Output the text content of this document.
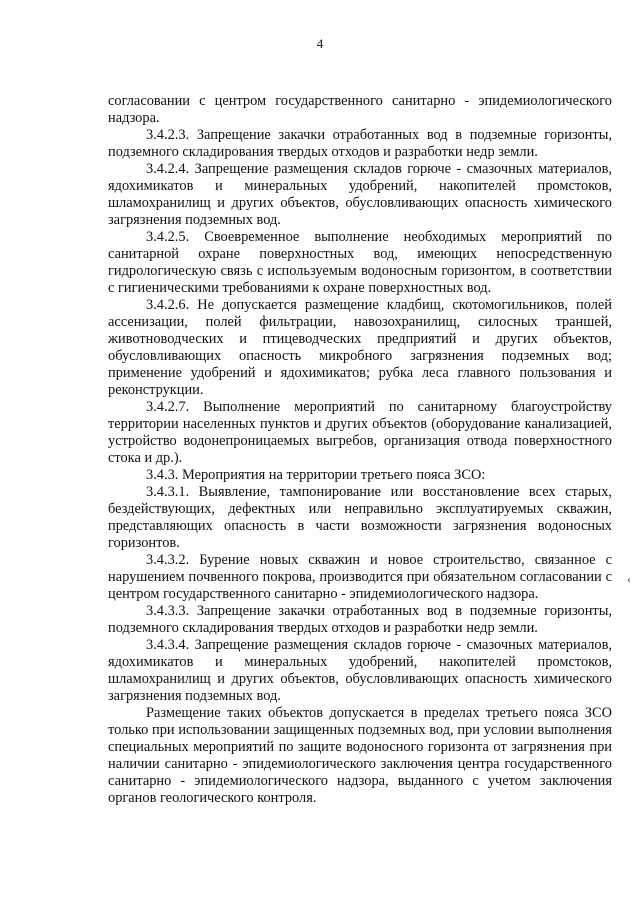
4
‹

согласовании с центром государственного санитарно - эпидемиологического надзора.

3.4.2.3. Запрещение закачки отработанных вод в подземные горизонты, подземного складирования твердых отходов и разработки недр земли.

3.4.2.4. Запрещение размещения складов горюче - смазочных материалов, ядохимикатов и минеральных удобрений, накопителей промстоков, шламохранилищ и других объектов, обусловливающих опасность химического загрязнения подземных вод.

3.4.2.5. Своевременное выполнение необходимых мероприятий по санитарной охране поверхностных вод, имеющих непосредственную гидрологическую связь с используемым водоносным горизонтом, в соответствии с гигиеническими требованиями к охране поверхностных вод.

3.4.2.6. Не допускается размещение кладбищ, скотомогильников, полей ассенизации, полей фильтрации, навозохранилищ, силосных траншей, животноводческих и птицеводческих предприятий и других объектов, обусловливающих опасность микробного загрязнения подземных вод; применение удобрений и ядохимикатов; рубка леса главного пользования и реконструкции.

3.4.2.7. Выполнение мероприятий по санитарному благоустройству территории населенных пунктов и других объектов (оборудование канализацией, устройство водонепроницаемых выгребов, организация отвода поверхностного стока и др.).

3.4.3. Мероприятия на территории третьего пояса ЗСО:

3.4.3.1. Выявление, тампонирование или восстановление всех старых, бездействующих, дефектных или неправильно эксплуатируемых скважин, представляющих опасность в части возможности загрязнения водоносных горизонтов.

3.4.3.2. Бурение новых скважин и новое строительство, связанное с нарушением почвенного покрова, производится при обязательном согласовании с центром государственного санитарно - эпидемиологического надзора.

3.4.3.3. Запрещение закачки отработанных вод в подземные горизонты, подземного складирования твердых отходов и разработки недр земли.

3.4.3.4. Запрещение размещения складов горюче - смазочных материалов, ядохимикатов и минеральных удобрений, накопителей промстоков, шламохранилищ и других объектов, обусловливающих опасность химического загрязнения подземных вод.

Размещение таких объектов допускается в пределах третьего пояса ЗСО только при использовании защищенных подземных вод, при условии выполнения специальных мероприятий по защите водоносного горизонта от загрязнения при наличии санитарно - эпидемиологического заключения центра государственного санитарно - эпидемиологического надзора, выданного с учетом заключения органов геологического контроля.
